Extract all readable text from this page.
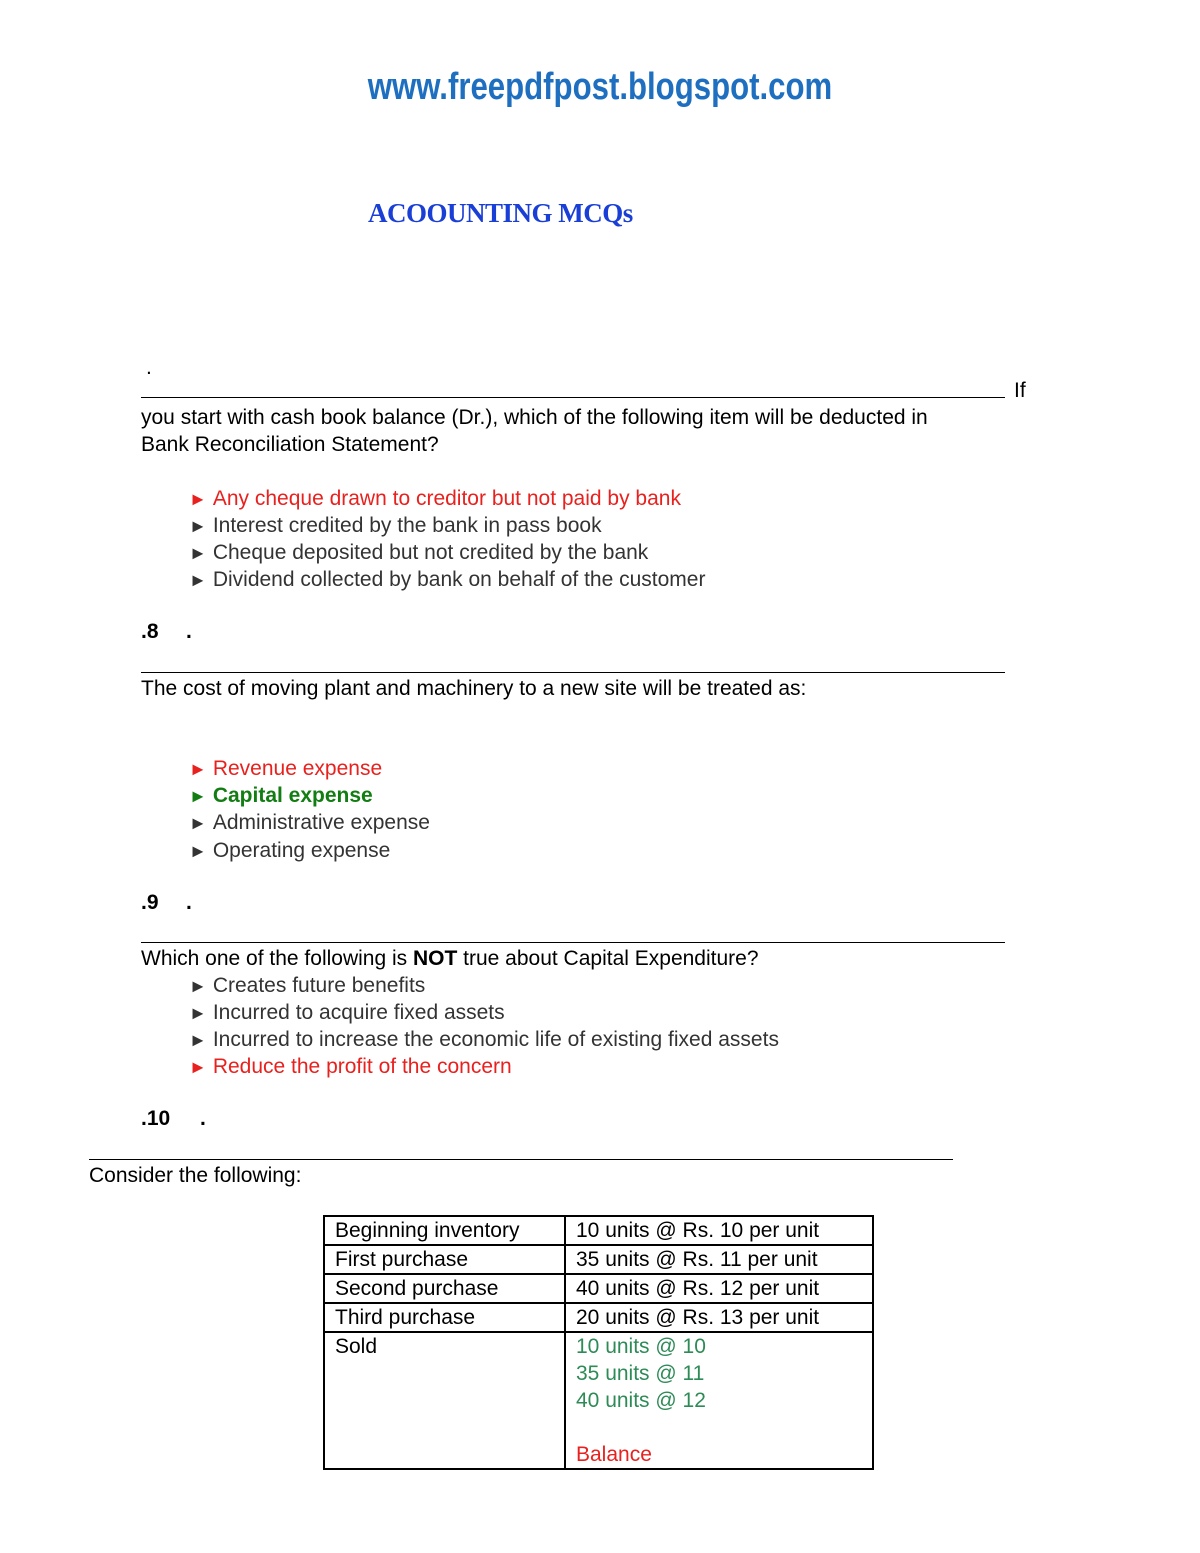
www.freepdfpost.blogspot.com
ACOOUNTING MCQs
.
If
you start with cash book balance (Dr.), which of the following item will be deducted in
Bank Reconciliation Statement?
► Any cheque drawn to creditor but not paid by bank
► Interest credited by the bank in pass book
► Cheque deposited but not credited by the bank
► Dividend collected by bank on behalf of the customer
.8 .
The cost of moving plant and machinery to a new site will be treated as:
► Revenue expense
► Capital expense
► Administrative expense
► Operating expense
.9 .
Which one of the following is NOT true about Capital Expenditure?
► Creates future benefits
► Incurred to acquire fixed assets
► Incurred to increase the economic life of existing fixed assets
► Reduce the profit of the concern
.10 .
Consider the following:
Beginning inventory	10 units @ Rs. 10 per unit
First purchase	35 units @ Rs. 11 per unit
Second purchase	40 units @ Rs. 12 per unit
Third purchase	20 units @ Rs. 13 per unit
Sold	10 units @ 10
35 units @ 11
40 units @ 12
Balance
